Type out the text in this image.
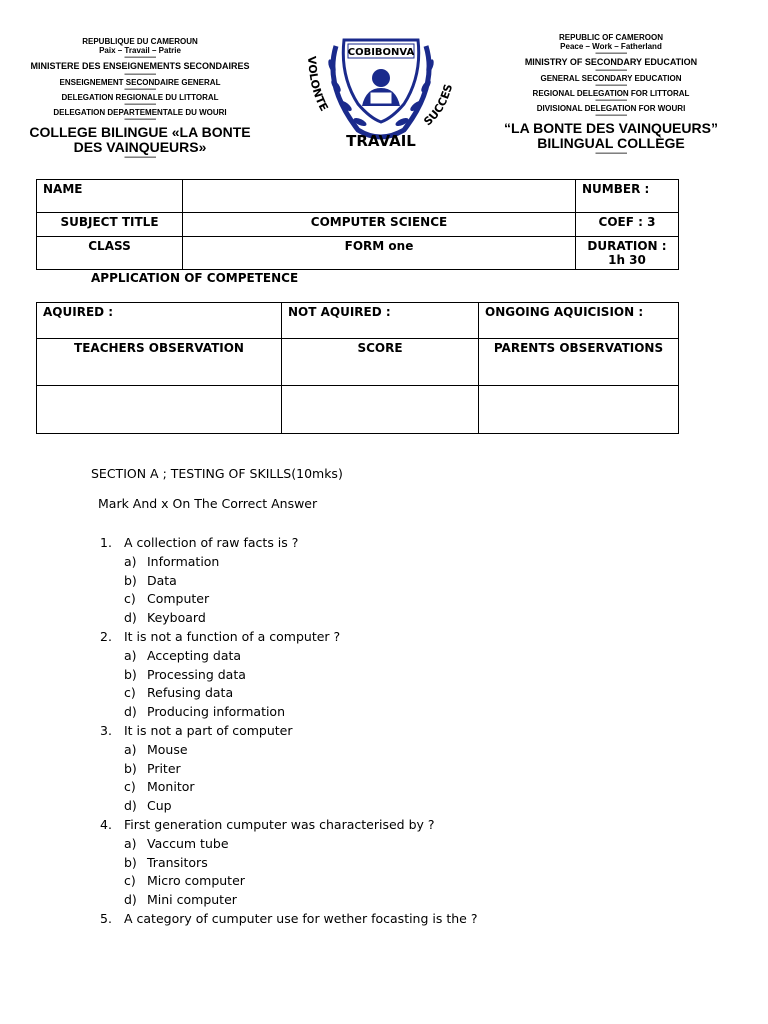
REPUBLIQUE DU CAMEROUN
Paix – Travail – Patrie
---------------------
MINISTERE DES ENSEIGNEMENTS SECONDAIRES
---------------------
ENSEIGNEMENT SECONDAIRE GENERAL
---------------------
DELEGATION REGIONALE DU LITTORAL
---------------------
DELEGATION DEPARTEMENTALE DU WOURI
---------------------
COLLEGE BILINGUE «LA BONTE DES VAINQUEURS»
---------------------
COBIBONVA
VOLONTE
SUCCES
TRAVAIL
REPUBLIC OF CAMEROON
Peace – Work – Fatherland
---------------------
MINISTRY OF SECONDARY EDUCATION
---------------------
GENERAL SECONDARY EDUCATION
---------------------
REGIONAL DELEGATION FOR LITTORAL
---------------------
DIVISIONAL DELEGATION FOR WOURI
---------------------
“LA BONTE DES VAINQUEURS” BILINGUAL COLLÈGE
---------------------
NAME		NUMBER :
SUBJECT TITLE	COMPUTER SCIENCE	COEF : 3
CLASS	FORM one	DURATION :
1h 30
APPLICATION OF COMPETENCE
AQUIRED :	NOT AQUIRED :	ONGOING AQUICISION :
TEACHERS OBSERVATION	SCORE	PARENTS OBSERVATIONS

SECTION A ; TESTING OF SKILLS(10mks)
Mark And x On The Correct Answer
1. A collection of raw facts is ?
a) Information
b) Data
c) Computer
d) Keyboard
2. It is not a function of a computer ?
a) Accepting data
b) Processing data
c) Refusing data
d) Producing information
3. It is not a part of computer
a) Mouse
b) Priter
c) Monitor
d) Cup
4. First generation cumputer was characterised by ?
a) Vaccum tube
b) Transitors
c) Micro computer
d) Mini computer
5. A category of cumputer use for wether focasting is the ?
